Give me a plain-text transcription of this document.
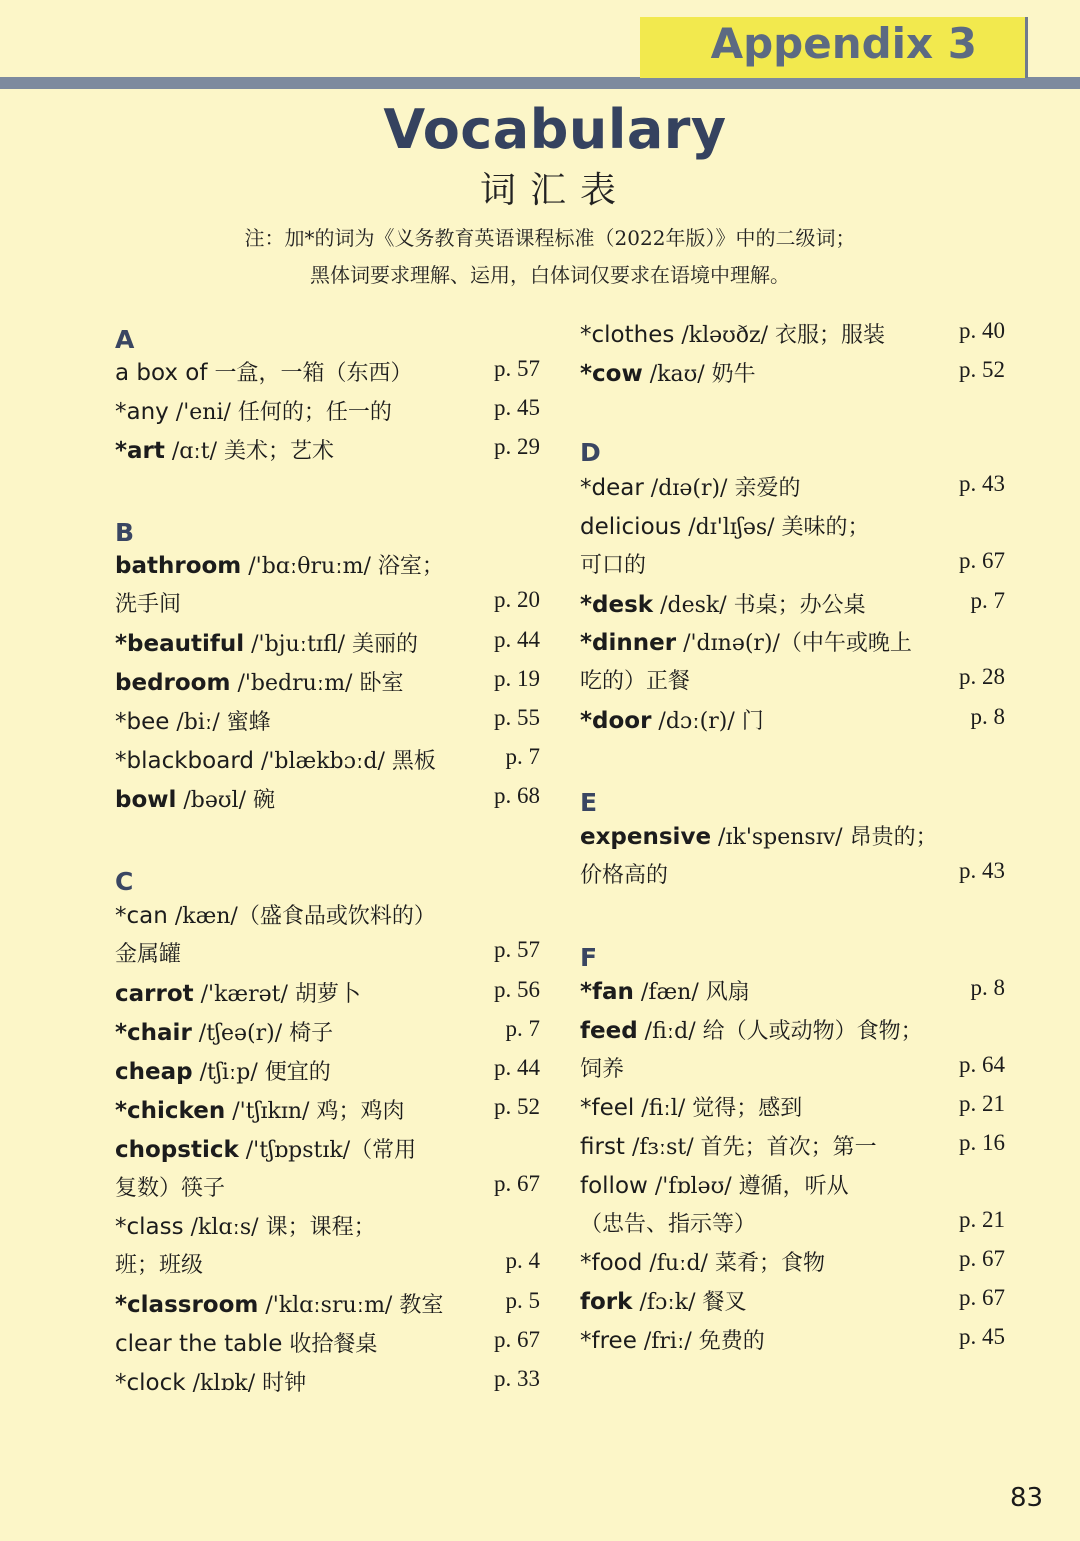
Appendix 3
Vocabulary
词汇表
注：加*的词为《义务教育英语课程标准（2022年版）》中的二级词；
黑体词要求理解、运用，白体词仅要求在语境中理解。
A
a box of 一盒，一箱（东西）	p. 57
*any /'eni/ 任何的；任一的	p. 45
*art /ɑːt/ 美术；艺术	p. 29
B
bathroom /'bɑːθruːm/ 浴室；
洗手间	p. 20
*beautiful /'bjuːtɪfl/ 美丽的	p. 44
bedroom /'bedruːm/ 卧室	p. 19
*bee /biː/ 蜜蜂	p. 55
*blackboard /'blækbɔːd/ 黑板	p. 7
bowl /bəʊl/ 碗	p. 68
C
*can /kæn/（盛食品或饮料的）
金属罐	p. 57
carrot /'kærət/ 胡萝卜	p. 56
*chair /tʃeə(r)/ 椅子	p. 7
cheap /tʃiːp/ 便宜的	p. 44
*chicken /'tʃɪkɪn/ 鸡；鸡肉	p. 52
chopstick /'tʃɒpstɪk/（常用
复数）筷子	p. 67
*class /klɑːs/ 课；课程；
班；班级	p. 4
*classroom /'klɑːsruːm/ 教室	p. 5
clear the table 收拾餐桌	p. 67
*clock /klɒk/ 时钟	p. 33
*clothes /kləʊðz/ 衣服；服装	p. 40
*cow /kaʊ/ 奶牛	p. 52
D
*dear /dɪə(r)/ 亲爱的	p. 43
delicious /dɪ'lɪʃəs/ 美味的；
可口的	p. 67
*desk /desk/ 书桌；办公桌	p. 7
*dinner /'dɪnə(r)/（中午或晚上
吃的）正餐	p. 28
*door /dɔː(r)/ 门	p. 8
E
expensive /ɪk'spensɪv/ 昂贵的；
价格高的	p. 43
F
*fan /fæn/ 风扇	p. 8
feed /fiːd/ 给（人或动物）食物；
饲养	p. 64
*feel /fiːl/ 觉得；感到	p. 21
first /fɜːst/ 首先；首次；第一	p. 16
follow /'fɒləʊ/ 遵循，听从
（忠告、指示等）	p. 21
*food /fuːd/ 菜肴；食物	p. 67
fork /fɔːk/ 餐叉	p. 67
*free /friː/ 免费的	p. 45
83
